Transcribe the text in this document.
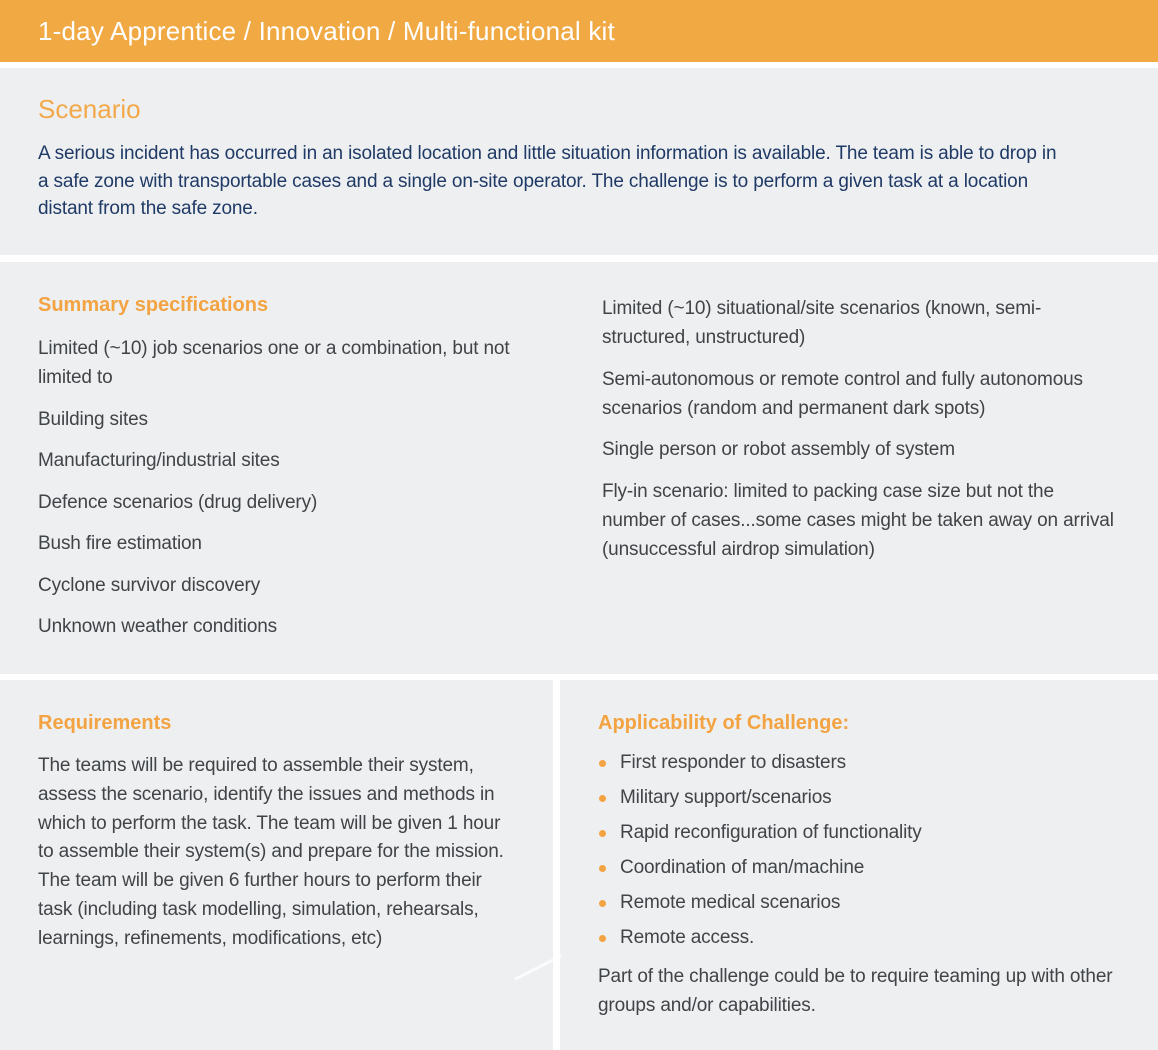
1-day Apprentice / Innovation / Multi-functional kit
Scenario

A serious incident has occurred in an isolated location and little situation information is available. The team is able to drop in a safe zone with transportable cases and a single on-site operator. The challenge is to perform a given task at a location distant from the safe zone.

Summary specifications

Limited (~10) job scenarios one or a combination, but not limited to

Building sites

Manufacturing/industrial sites

Defence scenarios (drug delivery)

Bush fire estimation

Cyclone survivor discovery

Unknown weather conditions

Limited (~10) situational/site scenarios (known, semi-structured, unstructured)

Semi-autonomous or remote control and fully autonomous scenarios (random and permanent dark spots)

Single person or robot assembly of system

Fly-in scenario: limited to packing case size but not the number of cases...some cases might be taken away on arrival (unsuccessful airdrop simulation)

Requirements

The teams will be required to assemble their system, assess the scenario, identify the issues and methods in which to perform the task. The team will be given 1 hour to assemble their system(s) and prepare for the mission. The team will be given 6 further hours to perform their task (including task modelling, simulation, rehearsals, learnings, refinements, modifications, etc)

Applicability of Challenge:
First responder to disasters
Military support/scenarios
Rapid reconfiguration of functionality
Coordination of man/machine
Remote medical scenarios
Remote access.

Part of the challenge could be to require teaming up with other groups and/or capabilities.
